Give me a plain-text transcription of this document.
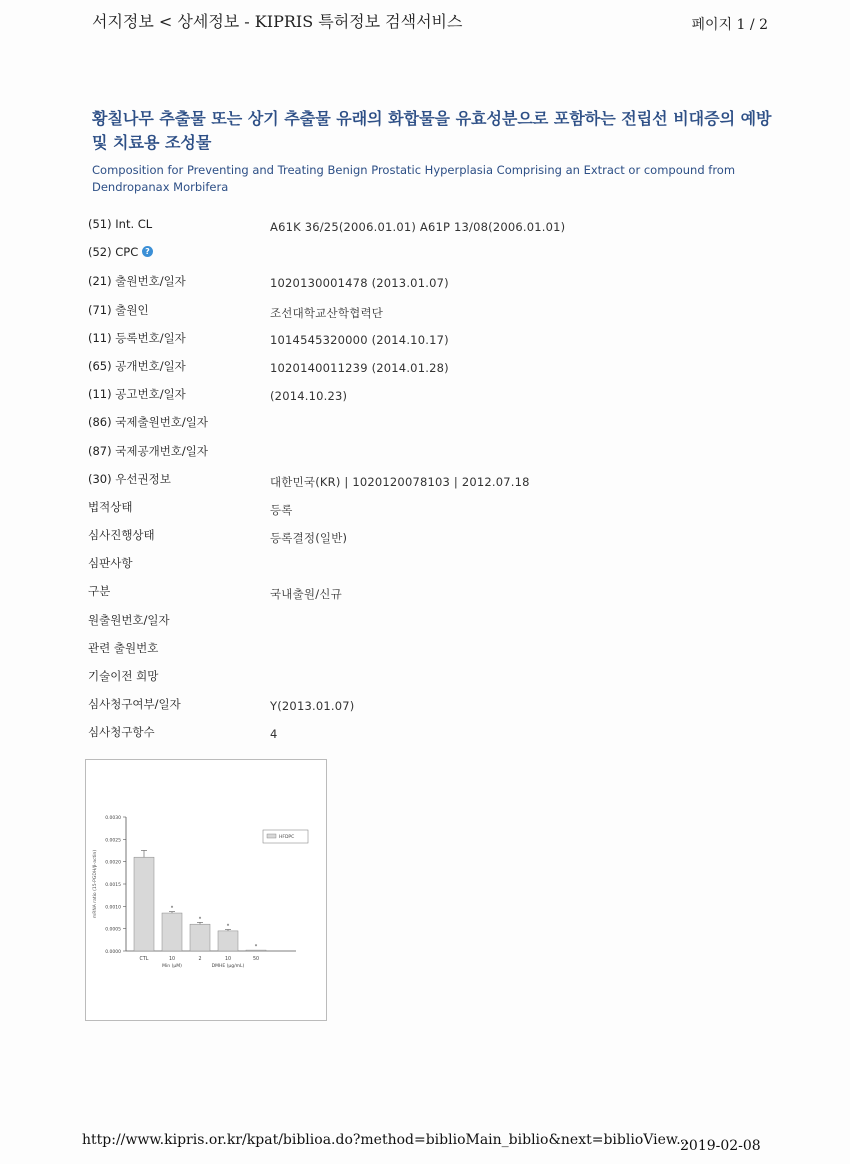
서지정보 < 상세정보 - KIPRIS 특허정보 검색서비스	페이지 1 / 2
황칠나무 추출물 또는 상기 추출물 유래의 화합물을 유효성분으로 포함하는 전립선 비대증의 예방 및 치료용 조성물
Composition for Preventing and Treating Benign Prostatic Hyperplasia Comprising an Extract or compound from Dendropanax Morbifera
(51) Int. CL	A61K 36/25(2006.01.01) A61P 13/08(2006.01.01)
(52) CPC ?
(21) 출원번호/일자	1020130001478 (2013.01.07)
(71) 출원인	조선대학교산학협력단
(11) 등록번호/일자	1014545320000 (2014.10.17)
(65) 공개번호/일자	1020140011239 (2014.01.28)
(11) 공고번호/일자	(2014.10.23)
(86) 국제출원번호/일자
(87) 국제공개번호/일자
(30) 우선권정보	대한민국(KR) | 1020120078103 | 2012.07.18
법적상태	등록
심사진행상태	등록결정(일반)
심판사항
구분	국내출원/신규
원출원번호/일자
관련 출원번호
기술이전 희망
심사청구여부/일자	Y(2013.01.07)
심사청구항수	4
0.0000
0.0005
0.0010
0.0015
0.0020
0.0025
0.0030
mRNA ratio (15-PGDH/β-actin)
CTL
*
10
*
2
*
10
*
50
Min (μM)	DMHE (μg/mL)
HFDPC
http://www.kipris.or.kr/kpat/biblioa.do?method=biblioMain_biblio&next=biblioView...
2019-02-08
